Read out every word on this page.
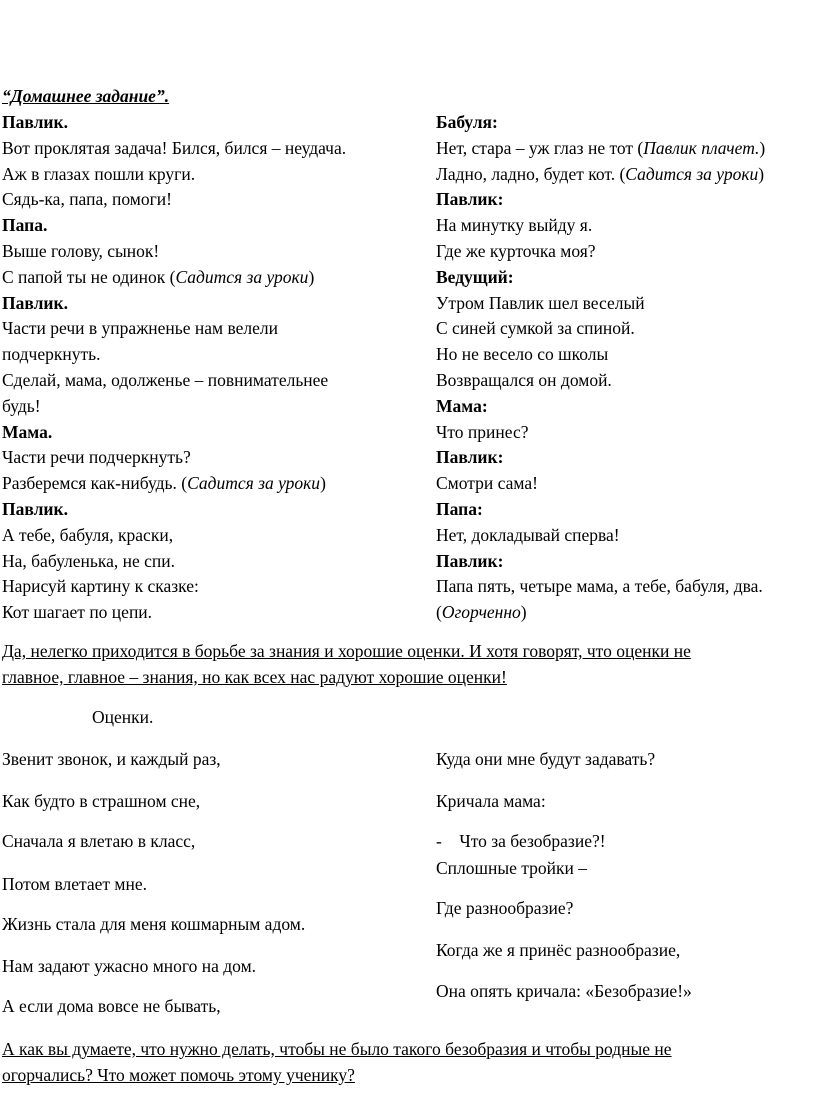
“Домашнее задание”.
Павлик.
Вот проклятая задача! Бился, бился – неудача.
Аж в глазах пошли круги.
Сядь-ка, папа, помоги!
Папа.
Выше голову, сынок!
С папой ты не одинок (Садится за уроки)
Павлик.
Части речи в упражненье нам велели
подчеркнуть.
Сделай, мама, одолженье – повнимательнее
будь!
Мама.
Части речи подчеркнуть?
Разберемся как-нибудь. (Садится за уроки)
Павлик.
А тебе, бабуля, краски,
На, бабуленька, не спи.
Нарисуй картину к сказке:
Кот шагает по цепи.
Бабуля:
Нет, стара – уж глаз не тот (Павлик плачет.)
Ладно, ладно, будет кот. (Садится за уроки)
Павлик:
На минутку выйду я.
Где же курточка моя?
Ведущий:
Утром Павлик шел веселый
С синей сумкой за спиной.
Но не весело со школы
Возвращался он домой.
Мама:
Что принес?
Павлик:
Смотри сама!
Папа:
Нет, докладывай сперва!
Павлик:
Папа пять, четыре мама, а тебе, бабуля, два.
(Огорченно)
Да, нелегко приходится в борьбе за знания и хорошие оценки. И хотя говорят, что оценки не
главное, главное – знания, но как всех нас радуют хорошие оценки!
Оценки.
Звенит звонок, и каждый раз,
Как будто в страшном сне,
Сначала я влетаю в класс,
Потом влетает мне.
Жизнь стала для меня кошмарным адом.
Нам задают ужасно много на дом.
А если дома вовсе не бывать,
Куда они мне будут задавать?
Кричала мама:
-    Что за безобразие?!
Сплошные тройки –
Где разнообразие?
Когда же я принёс разнообразие,
Она опять кричала: «Безобразие!»
А как вы думаете, что нужно делать, чтобы не было такого безобразия и чтобы родные не
огорчались? Что может помочь этому ученику?
